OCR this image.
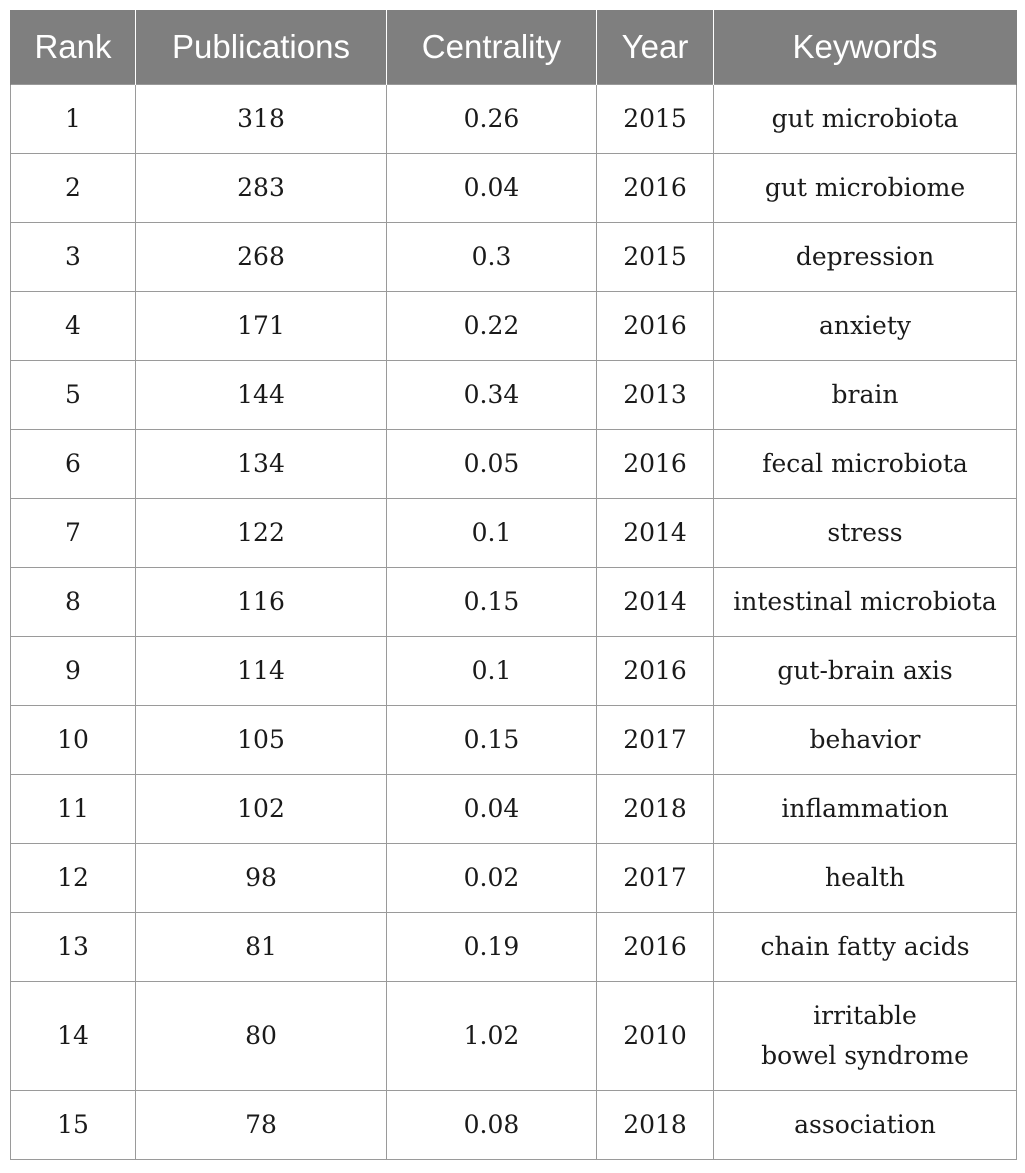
Rank	Publications	Centrality	Year	Keywords
1	318	0.26	2015	gut microbiota

2	283	0.04	2016	gut microbiome

3	268	0.3	2015	depression

4	171	0.22	2016	anxiety

5	144	0.34	2013	brain

6	134	0.05	2016	fecal microbiota

7	122	0.1	2014	stress

8	116	0.15	2014	intestinal microbiota

9	114	0.1	2016	gut-brain axis

10	105	0.15	2017	behavior

11	102	0.04	2018	inflammation

12	98	0.02	2017	health

13	81	0.19	2016	chain fatty acids

14	80	1.02	2010	irritable
bowel syndrome

15	78	0.08	2018	association
